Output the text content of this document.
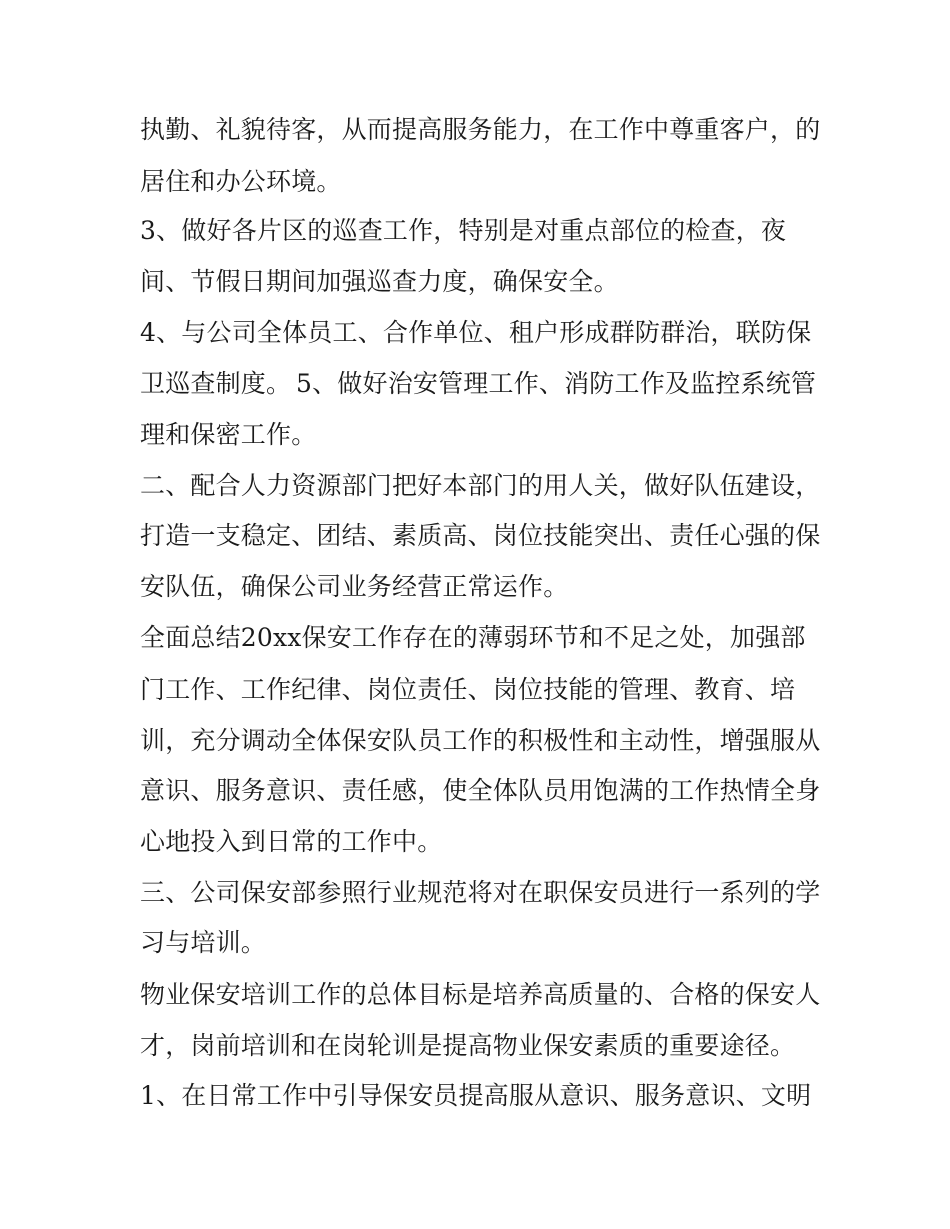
执勤、礼貌待客，从而提高服务能力，在工作中尊重客户，的
居住和办公环境。
3、做好各片区的巡查工作，特别是对重点部位的检查，夜
间、节假日期间加强巡查力度，确保安全。
4、与公司全体员工、合作单位、租户形成群防群治，联防保
卫巡查制度。 5、做好治安管理工作、消防工作及监控系统管
理和保密工作。
二、配合人力资源部门把好本部门的用人关，做好队伍建设，
打造一支稳定、团结、素质高、岗位技能突出、责任心强的保
安队伍，确保公司业务经营正常运作。
全面总结20xx保安工作存在的薄弱环节和不足之处，加强部
门工作、工作纪律、岗位责任、岗位技能的管理、教育、培
训，充分调动全体保安队员工作的积极性和主动性，增强服从
意识、服务意识、责任感，使全体队员用饱满的工作热情全身
心地投入到日常的工作中。
三、公司保安部参照行业规范将对在职保安员进行一系列的学
习与培训。
物业保安培训工作的总体目标是培养高质量的、合格的保安人
才，岗前培训和在岗轮训是提高物业保安素质的重要途径。
1、在日常工作中引导保安员提高服从意识、服务意识、文明
